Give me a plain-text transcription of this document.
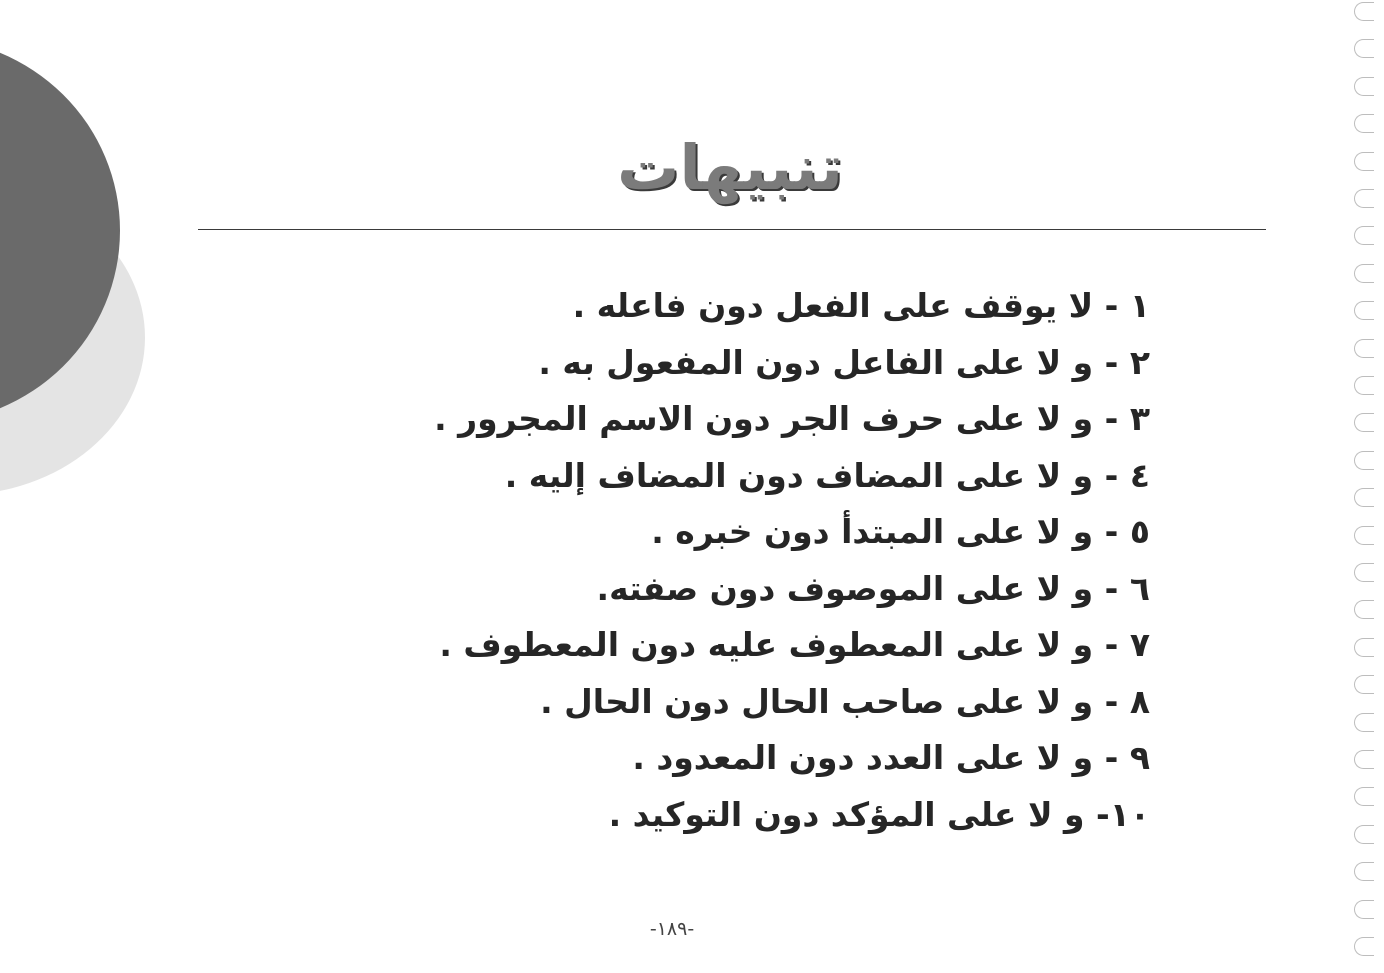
تنبيهات
١ - لا يوقف على الفعل دون فاعله .
٢ - و لا على الفاعل دون المفعول به .
٣ - و لا على حرف الجر دون الاسم المجرور .
٤ - و لا على المضاف دون المضاف إليه .
٥ - و لا على المبتدأ دون خبره .
٦ - و لا على الموصوف دون صفته.
٧ - و لا على المعطوف عليه دون المعطوف .
٨ - و لا على صاحب الحال دون الحال .
٩ - و لا على العدد دون المعدود .
١٠- و لا على المؤكد دون التوكيد .
-١٨٩-
